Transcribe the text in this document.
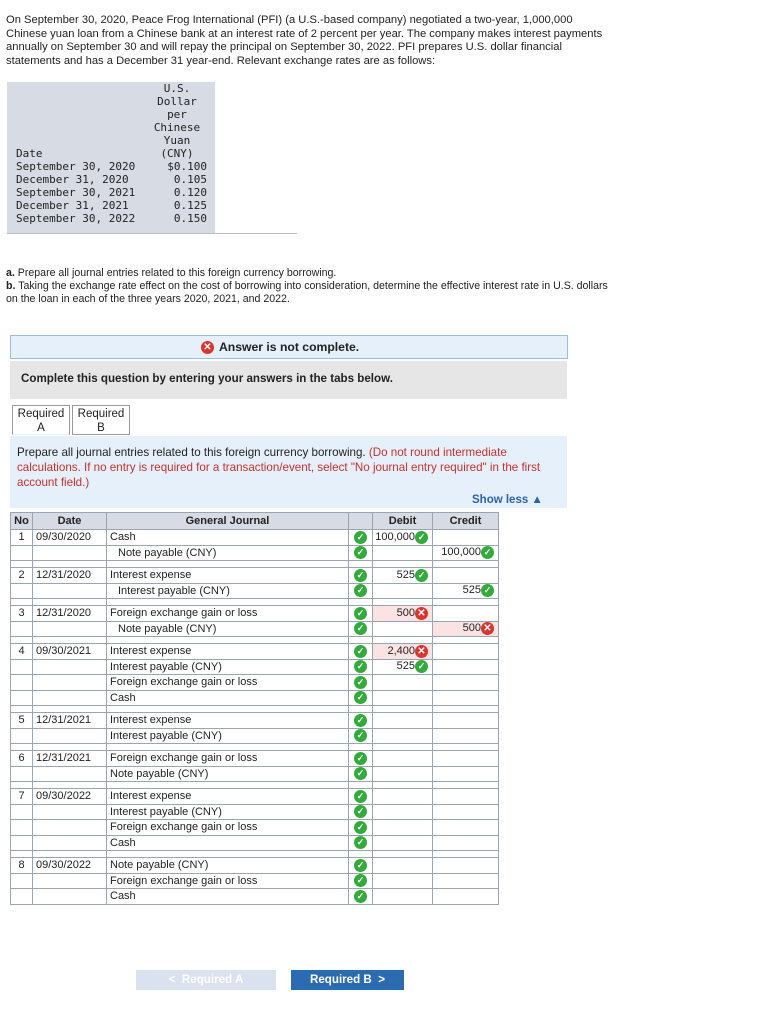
On September 30, 2020, Peace Frog International (PFI) (a U.S.-based company) negotiated a two-year, 1,000,000 Chinese yuan loan from a Chinese bank at an interest rate of 2 percent per year. The company makes interest payments annually on September 30 and will repay the principal on September 30, 2022. PFI prepares U.S. dollar financial statements and has a December 31 year-end. Relevant exchange rates are as follows:
U.S.
Dollar
per
Chinese
Yuan
(CNY)
Date
September 30, 2020	$0.100
December 31, 2020	0.105
September 30, 2021	0.120
December 31, 2021	0.125
September 30, 2022	0.150
a. Prepare all journal entries related to this foreign currency borrowing.
b. Taking the exchange rate effect on the cost of borrowing into consideration, determine the effective interest rate in U.S. dollars on the loan in each of the three years 2020, 2021, and 2022.
✕ Answer is not complete.
Complete this question by entering your answers in the tabs below.
Required
A
Required
B
Prepare all journal entries related to this foreign currency borrowing. (Do not round intermediate calculations. If no entry is required for a transaction/event, select "No journal entry required" in the first account field.)
Show less ▲
No	Date	General Journal		Debit	Credit
1	09/30/2020	Cash	✓	100,000 ✓	
		Note payable (CNY)	✓		100,000 ✓

2	12/31/2020	Interest expense	✓	525 ✓	
		Interest payable (CNY)	✓		525 ✓

3	12/31/2020	Foreign exchange gain or loss	✓	500 ✕	
		Note payable (CNY)	✓		500 ✕

4	09/30/2021	Interest expense	✓	2,400 ✕	
		Interest payable (CNY)	✓	525 ✓	
		Foreign exchange gain or loss	✓		
		Cash	✓		

5	12/31/2021	Interest expense	✓		
		Interest payable (CNY)	✓		

6	12/31/2021	Foreign exchange gain or loss	✓		
		Note payable (CNY)	✓		

7	09/30/2022	Interest expense	✓		
		Interest payable (CNY)	✓		
		Foreign exchange gain or loss	✓		
		Cash	✓		

8	09/30/2022	Note payable (CNY)	✓		
		Foreign exchange gain or loss	✓		
		Cash	✓		
< Required A	Required B >
